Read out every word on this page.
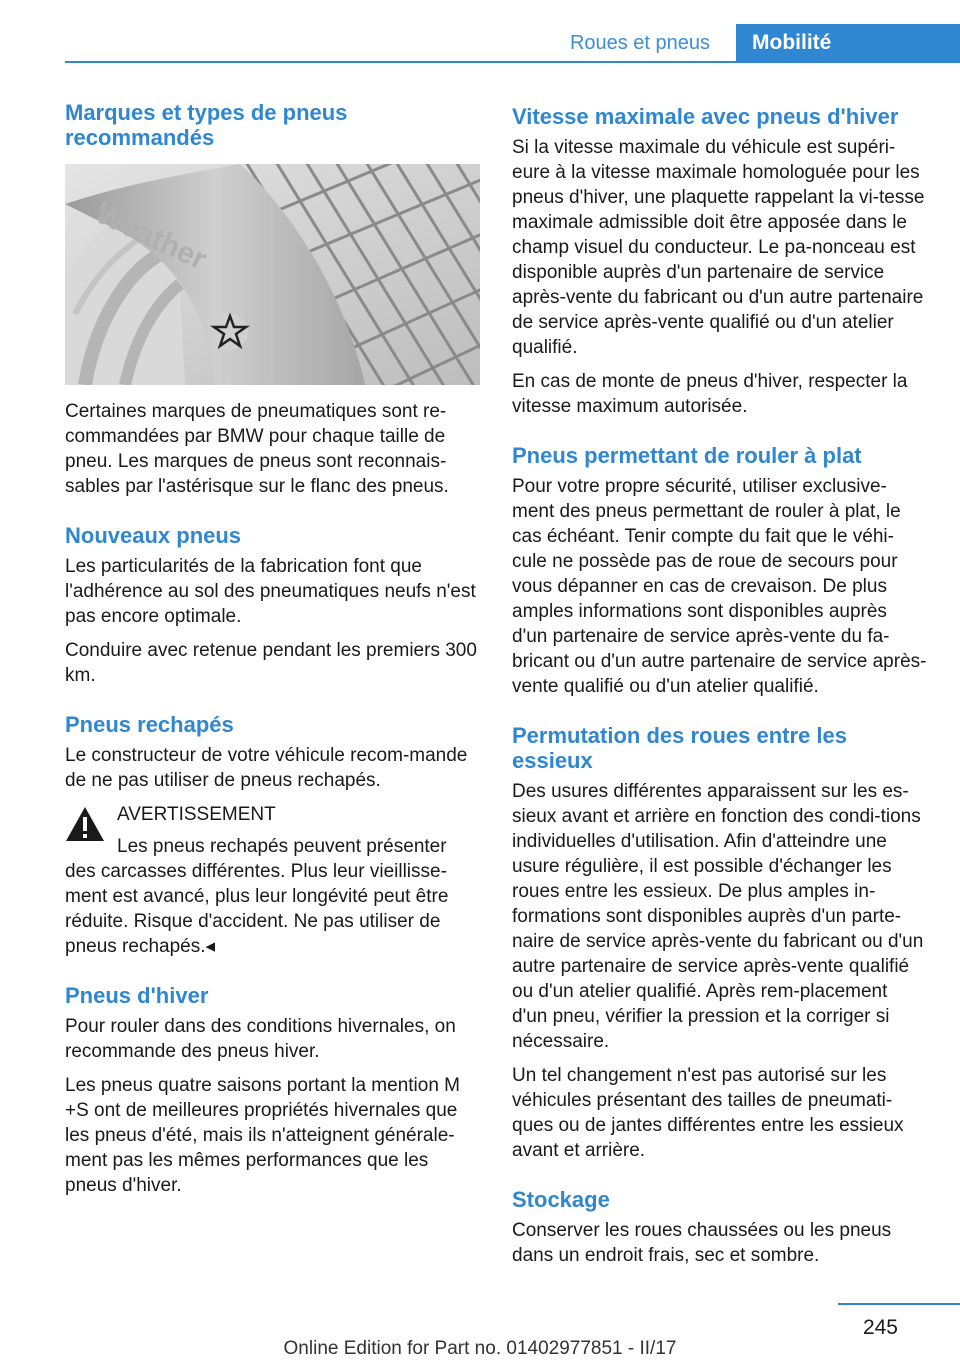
Roues et pneus	Mobilité
Marques et types de pneus recommandés
Weather

Certaines marques de pneumatiques sont re-commandées par BMW pour chaque taille de pneu. Les marques de pneus sont reconnais-sables par l'astérisque sur le flanc des pneus.

Nouveaux pneus

Les particularités de la fabrication font que l'adhérence au sol des pneumatiques neufs n'est pas encore optimale.

Conduire avec retenue pendant les premiers 300 km.

Pneus rechapés

Le constructeur de votre véhicule recom-mande de ne pas utiliser de pneus rechapés.

AVERTISSEMENT
Les pneus rechapés peuvent présenter des carcasses différentes. Plus leur vieillisse-ment est avancé, plus leur longévité peut être réduite. Risque d'accident. Ne pas utiliser de pneus rechapés.◂
Pneus d'hiver

Pour rouler dans des conditions hivernales, on recommande des pneus hiver.

Les pneus quatre saisons portant la mention M +S ont de meilleures propriétés hivernales que les pneus d'été, mais ils n'atteignent générale-ment pas les mêmes performances que les pneus d'hiver.

Vitesse maximale avec pneus d'hiver

Si la vitesse maximale du véhicule est supéri-eure à la vitesse maximale homologuée pour les pneus d'hiver, une plaquette rappelant la vi-tesse maximale admissible doit être apposée dans le champ visuel du conducteur. Le pa-nonceau est disponible auprès d'un partenaire de service après-vente du fabricant ou d'un autre partenaire de service après-vente qualifié ou d'un atelier qualifié.

En cas de monte de pneus d'hiver, respecter la vitesse maximum autorisée.

Pneus permettant de rouler à plat

Pour votre propre sécurité, utiliser exclusive-ment des pneus permettant de rouler à plat, le cas échéant. Tenir compte du fait que le véhi-cule ne possède pas de roue de secours pour vous dépanner en cas de crevaison. De plus amples informations sont disponibles auprès d'un partenaire de service après-vente du fa-bricant ou d'un autre partenaire de service après-vente qualifié ou d'un atelier qualifié.

Permutation des roues entre les essieux

Des usures différentes apparaissent sur les es-sieux avant et arrière en fonction des condi-tions individuelles d'utilisation. Afin d'atteindre une usure régulière, il est possible d'échanger les roues entre les essieux. De plus amples in-formations sont disponibles auprès d'un parte-naire de service après-vente du fabricant ou d'un autre partenaire de service après-vente qualifié ou d'un atelier qualifié. Après rem-placement d'un pneu, vérifier la pression et la corriger si nécessaire.

Un tel changement n'est pas autorisé sur les véhicules présentant des tailles de pneumati-ques ou de jantes différentes entre les essieux avant et arrière.

Stockage

Conserver les roues chaussées ou les pneus dans un endroit frais, sec et sombre.

245
Online Edition for Part no. 01402977851 - II/17
